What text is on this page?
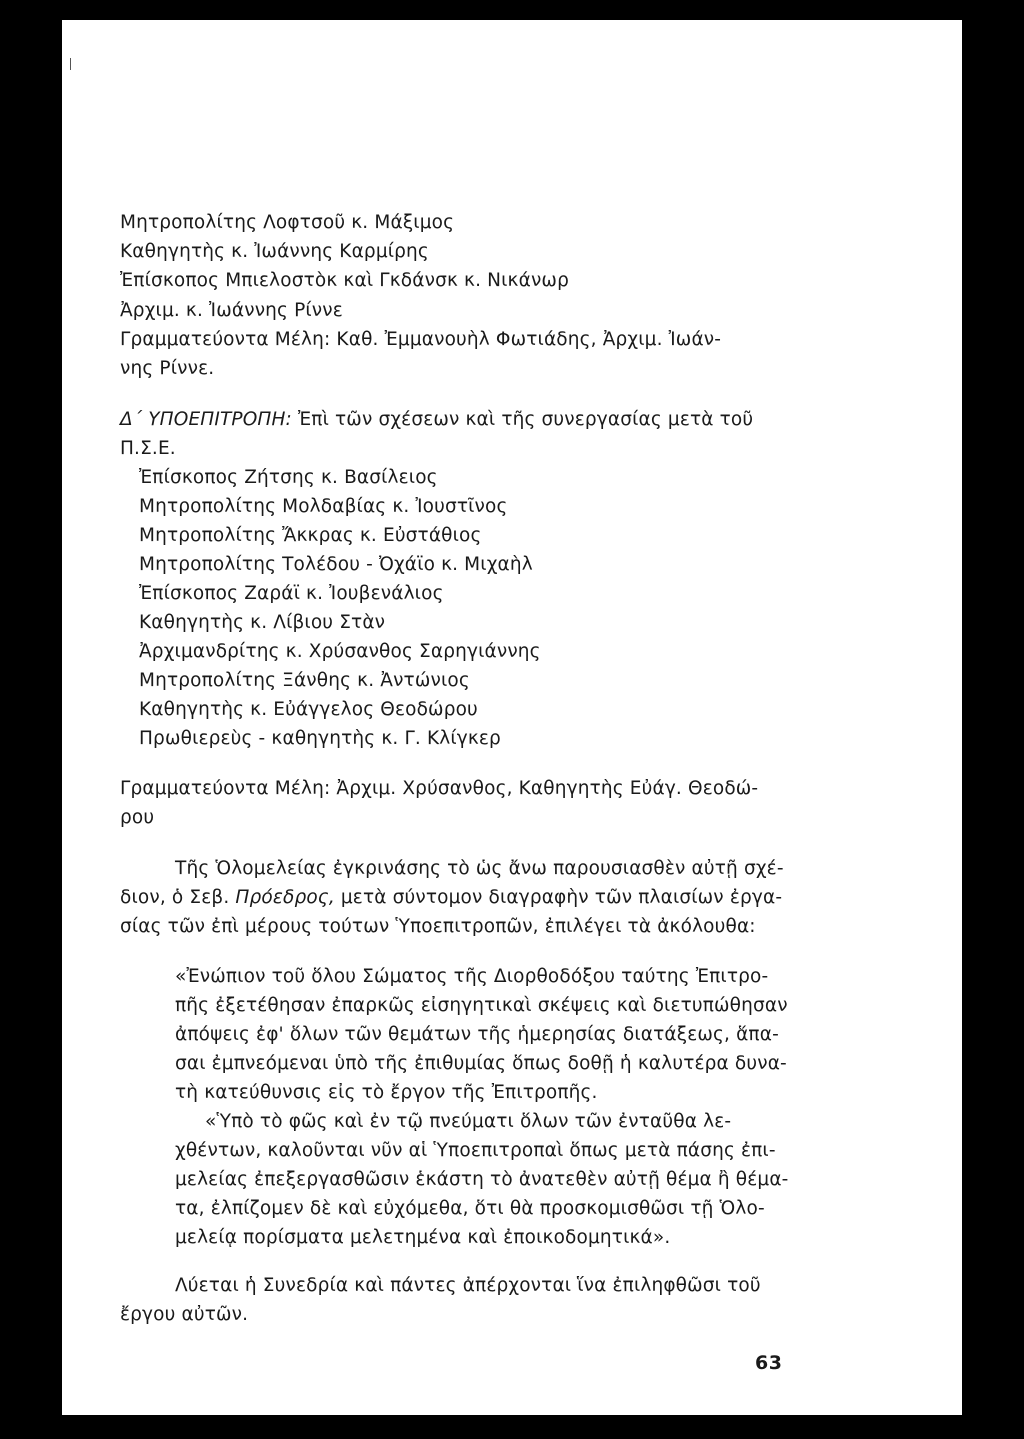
Μητροπολίτης Λοφτσοῦ κ. Μάξιμος
Καθηγητὴς κ. Ἰωάννης Καρμίρης
Ἐπίσκοπος Μπιελοστὸκ καὶ Γκδάνσκ κ. Νικάνωρ
Ἀρχιμ. κ. Ἰωάννης Ρίννε
Γραμματεύοντα Μέλη: Καθ. Ἐμμανουὴλ Φωτιάδης, Ἀρχιμ. Ἰωάν-
νης Ρίννε.
Δ΄ ΥΠΟΕΠΙΤΡΟΠΗ: Ἐπὶ τῶν σχέσεων καὶ τῆς συνεργασίας μετὰ τοῦ
Π.Σ.Ε.
Ἐπίσκοπος Ζήτσης κ. Βασίλειος
Μητροπολίτης Μολδαβίας κ. Ἰουστῖνος
Μητροπολίτης Ἄκκρας κ. Εὐστάθιος
Μητροπολίτης Τολέδου - Ὀχάϊο κ. Μιχαὴλ
Ἐπίσκοπος Ζαράϊ κ. Ἰουβενάλιος
Καθηγητὴς κ. Λίβιου Στὰν
Ἀρχιμανδρίτης κ. Χρύσανθος Σαρηγιάννης
Μητροπολίτης Ξάνθης κ. Ἀντώνιος
Καθηγητὴς κ. Εὐάγγελος Θεοδώρου
Πρωθιερεὺς - καθηγητὴς κ. Γ. Κλίγκερ
Γραμματεύοντα Μέλη: Ἀρχιμ. Χρύσανθος, Καθηγητὴς Εὐάγ. Θεοδώ-
ρου
Τῆς Ὁλομελείας ἐγκρινάσης τὸ ὡς ἄνω παρουσιασθὲν αὐτῇ σχέ-
διον, ὁ Σεβ. Πρόεδρος, μετὰ σύντομον διαγραφὴν τῶν πλαισίων ἐργα-
σίας τῶν ἐπὶ μέρους τούτων Ὑποεπιτροπῶν, ἐπιλέγει τὰ ἀκόλουθα:
«Ἐνώπιον τοῦ ὅλου Σώματος τῆς Διορθοδόξου ταύτης Ἐπιτρο-
πῆς ἐξετέθησαν ἐπαρκῶς εἰσηγητικαὶ σκέψεις καὶ διετυπώθησαν
ἀπόψεις ἐφ' ὅλων τῶν θεμάτων τῆς ἡμερησίας διατάξεως, ἅπα-
σαι ἐμπνεόμεναι ὑπὸ τῆς ἐπιθυμίας ὅπως δοθῇ ἡ καλυτέρα δυνα-
τὴ κατεύθυνσις εἰς τὸ ἔργον τῆς Ἐπιτροπῆς.
«Ὑπὸ τὸ φῶς καὶ ἐν τῷ πνεύματι ὅλων τῶν ἐνταῦθα λε-
χθέντων, καλοῦνται νῦν αἱ Ὑποεπιτροπαὶ ὅπως μετὰ πάσης ἐπι-
μελείας ἐπεξεργασθῶσιν ἑκάστη τὸ ἀνατεθὲν αὐτῇ θέμα ἢ θέμα-
τα, ἐλπίζομεν δὲ καὶ εὐχόμεθα, ὅτι θὰ προσκομισθῶσι τῇ Ὁλο-
μελείᾳ πορίσματα μελετημένα καὶ ἐποικοδομητικά».
Λύεται ἡ Συνεδρία καὶ πάντες ἀπέρχονται ἵνα ἐπιληφθῶσι τοῦ
ἔργου αὐτῶν.
63
